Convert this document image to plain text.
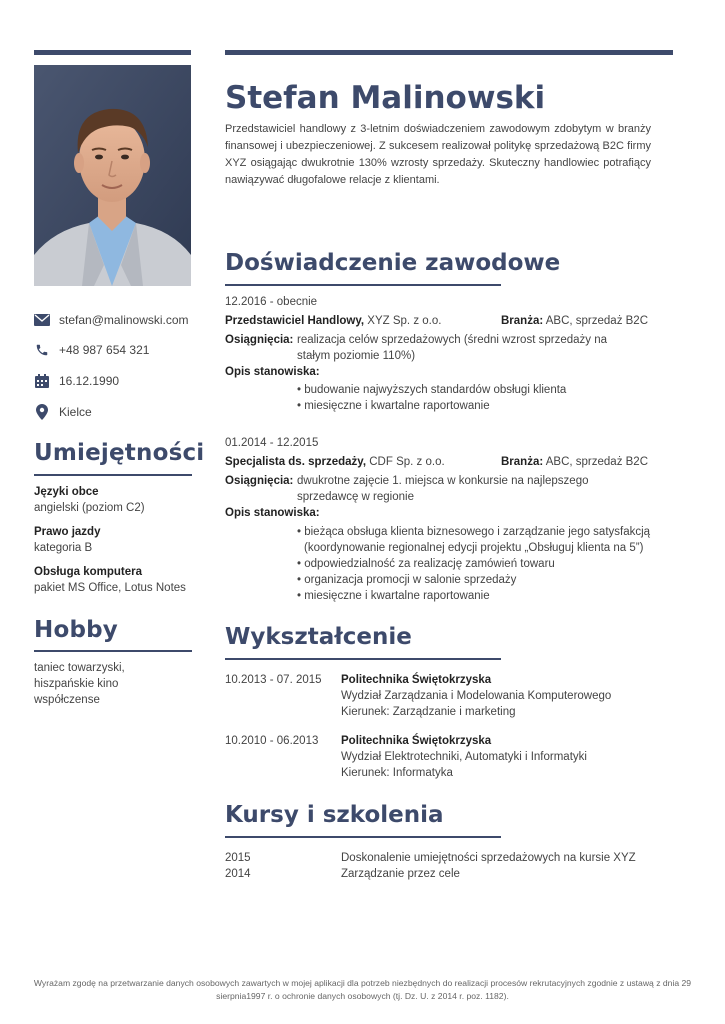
stefan@malinowski.com
+48 987 654 321
16.12.1990
Kielce
Umiejętności
Języki obce
angielski (poziom C2)
Prawo jazdy
kategoria B
Obsługa komputera
pakiet MS Office, Lotus Notes
Hobby
taniec towarzyski, hiszpańskie kino współczense
Stefan Malinowski
Przedstawiciel handlowy z 3-letnim doświadczeniem zawodowym zdobytym w branży finansowej i ubezpieczeniowej. Z sukcesem realizował politykę sprzedażową B2C firmy XYZ osiągając dwukrotnie 130% wzrosty sprzedaży. Skuteczny handlowiec potrafiący nawiązywać długofalowe relacje z klientami.
Doświadczenie zawodowe
12.2016 - obecnie
Przedstawiciel Handlowy, XYZ Sp. z o.o.	Branża: ABC, sprzedaż B2C
Osiągnięcia: realizacja celów sprzedażowych (średni wzrost sprzedaży na stałym poziomie 110%)
Opis stanowiska:
• budowanie najwyższych standardów obsługi klienta
• miesięczne i kwartalne raportowanie
01.2014 - 12.2015
Specjalista ds. sprzedaży, CDF Sp. z o.o.	Branża: ABC, sprzedaż B2C
Osiągnięcia: dwukrotne zajęcie 1. miejsca w konkursie na najlepszego sprzedawcę w regionie
Opis stanowiska:
• bieżąca obsługa klienta biznesowego i zarządzanie jego satysfakcją
(koordynowanie regionalnej edycji projektu „Obsługuj klienta na 5”)
• odpowiedzialność za realizację zamówień towaru
• organizacja promocji w salonie sprzedaży
• miesięczne i kwartalne raportowanie
Wykształcenie
10.2013 - 07. 2015 Politechnika Świętokrzyska
Wydział Zarządzania i Modelowania Komputerowego
Kierunek: Zarządzanie i marketing
10.2010 - 06.2013 Politechnika Świętokrzyska
Wydział Elektrotechniki, Automatyki i Informatyki
Kierunek: Informatyka
Kursy i szkolenia
2015	Doskonalenie umiejętności sprzedażowych na kursie XYZ
2014	Zarządzanie przez cele
Wyrażam zgodę na przetwarzanie danych osobowych zawartych w mojej aplikacji dla potrzeb niezbędnych do realizacji procesów rekrutacyjnych zgodnie z ustawą z dnia 29 sierpnia1997 r. o ochronie danych osobowych (tj. Dz. U. z 2014 r. poz. 1182).
